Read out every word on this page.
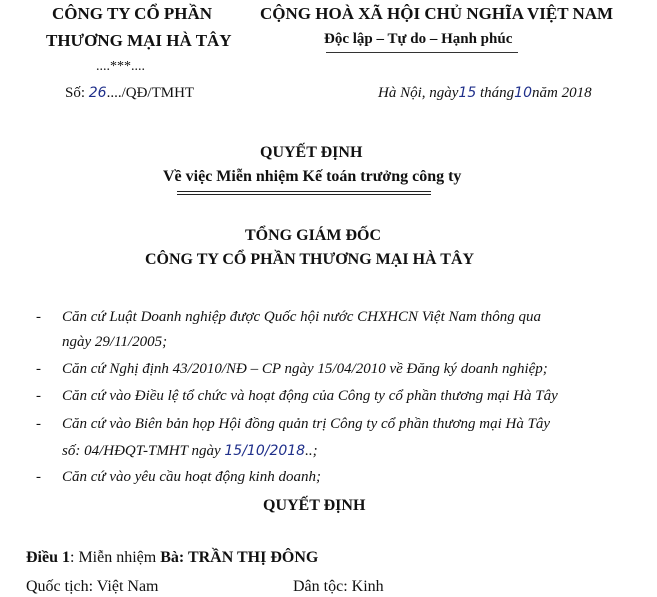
CÔNG TY CỔ PHẦN
THƯƠNG MẠI HÀ TÂY
....***....
Số: 26..../QĐ/TMHT
CỘNG HOÀ XÃ HỘI CHỦ NGHĨA VIỆT NAM
Độc lập – Tự do – Hạnh phúc
Hà Nội, ngày15 tháng10năm 2018
QUYẾT ĐỊNH
Về việc Miễn nhiệm Kế toán trưởng công ty
TỔNG GIÁM ĐỐC
CÔNG TY CỔ PHẦN THƯƠNG MẠI HÀ TÂY
- Căn cứ Luật Doanh nghiệp được Quốc hội nước CHXHCN Việt Nam thông qua
ngày 29/11/2005;
- Căn cứ Nghị định 43/2010/NĐ – CP ngày 15/04/2010 về Đăng ký doanh nghiệp;
- Căn cứ vào Điều lệ tổ chức và hoạt động của Công ty cổ phần thương mại Hà Tây
- Căn cứ vào Biên bản họp Hội đồng quản trị Công ty cổ phần thương mại Hà Tây
số: 04/HĐQT-TMHT ngày 15/10/2018..;
- Căn cứ vào yêu cầu hoạt động kinh doanh;
QUYẾT ĐỊNH
Điều 1: Miễn nhiệm Bà: TRẦN THỊ ĐÔNG
Quốc tịch: Việt Nam	Dân tộc: Kinh
